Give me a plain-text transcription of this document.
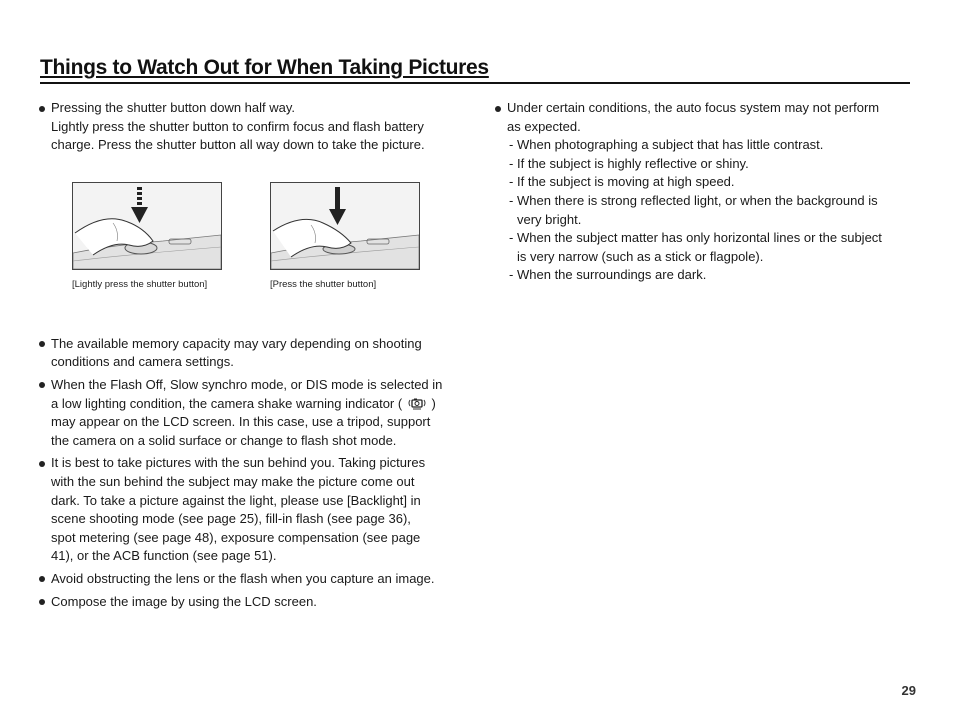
Things to Watch Out for When Taking Pictures

Pressing the shutter button down half way.

Lightly press the shutter button to confirm focus and flash battery

charge. Press the shutter button all way down to take the picture.

The available memory capacity may vary depending on shooting

conditions and camera settings.

When the Flash Off, Slow synchro mode, or DIS mode is selected in

a low lighting condition, the camera shake warning indicator ( )

may appear on the LCD screen. In this case, use a tripod, support

the camera on a solid surface or change to flash shot mode.

It is best to take pictures with the sun behind you. Taking pictures

with the sun behind the subject may make the picture come out

dark. To take a picture against the light, please use [Backlight] in

scene shooting mode (see page 25), fill-in flash (see page 36),

spot metering (see page 48), exposure compensation (see page

41), or the ACB function (see page 51).

Avoid obstructing the lens or the flash when you capture an image.

Compose the image by using the LCD screen.

[Lightly press the shutter button]	[Press the shutter button]

Under certain conditions, the auto focus system may not perform

as expected.

- When photographing a subject that has little contrast.

- If the subject is highly reflective or shiny.

- If the subject is moving at high speed.

- When there is strong reflected light, or when the background is

very bright.

- When the subject matter has only horizontal lines or the subject

is very narrow (such as a stick or flagpole).

- When the surroundings are dark.

29
